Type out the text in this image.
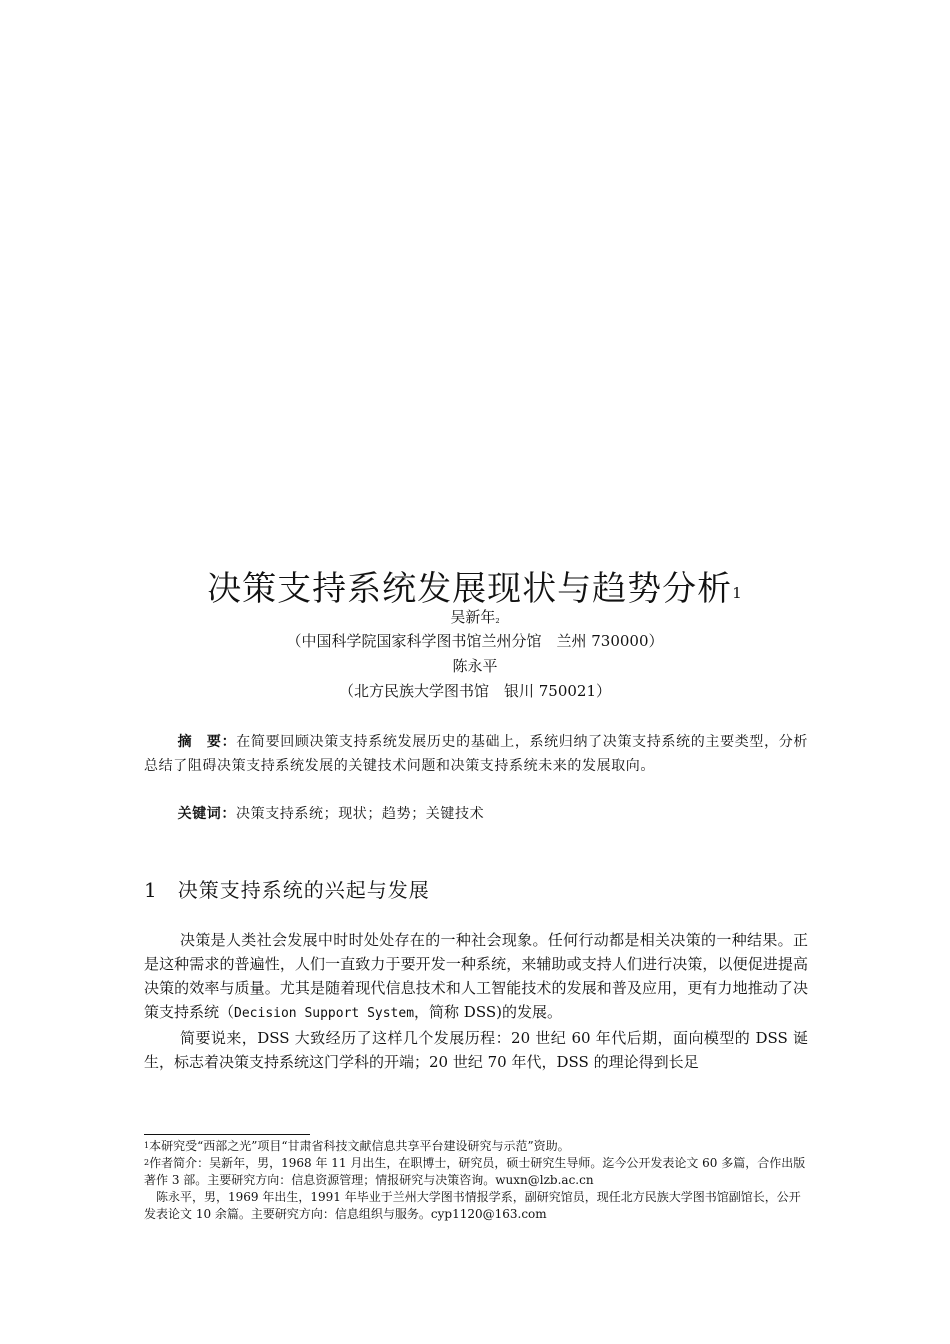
决策支持系统发展现状与趋势分析$^1$
吴新年$^2$
（中国科学院国家科学图书馆兰州分馆　兰州 730000）
陈永平
（北方民族大学图书馆　银川 750021）
摘　要：在简要回顾决策支持系统发展历史的基础上，系统归纳了决策支持系统的主要类型，分析总结了阻碍决策支持系统发展的关键技术问题和决策支持系统未来的发展取向。
关键词：决策支持系统；现状；趋势；关键技术
1 决策支持系统的兴起与发展

决策是人类社会发展中时时处处存在的一种社会现象。任何行动都是相关决策的一种结果。正是这种需求的普遍性，人们一直致力于要开发一种系统，来辅助或支持人们进行决策，以便促进提高决策的效率与质量。尤其是随着现代信息技术和人工智能技术的发展和普及应用，更有力地推动了决策支持系统（Decision Support System，简称 DSS)的发展。

简要说来，DSS 大致经历了这样几个发展历程：20 世纪 60 年代后期，面向模型的 DSS 诞生，标志着决策支持系统这门学科的开端；20 世纪 70 年代，DSS 的理论得到长足

$^1$本研究受“西部之光”项目“甘肃省科技文献信息共享平台建设研究与示范”资助。

$^2$作者简介：吴新年，男，1968 年 11 月出生，在职博士，研究员，硕士研究生导师。迄今公开发表论文 60 多篇，合作出版著作 3 部。主要研究方向：信息资源管理；情报研究与决策咨询。wuxn@lzb.ac.cn

陈永平，男，1969 年出生，1991 年毕业于兰州大学图书情报学系，副研究馆员，现任北方民族大学图书馆副馆长，公开发表论文 10 余篇。主要研究方向：信息组织与服务。cyp1120@163.com
